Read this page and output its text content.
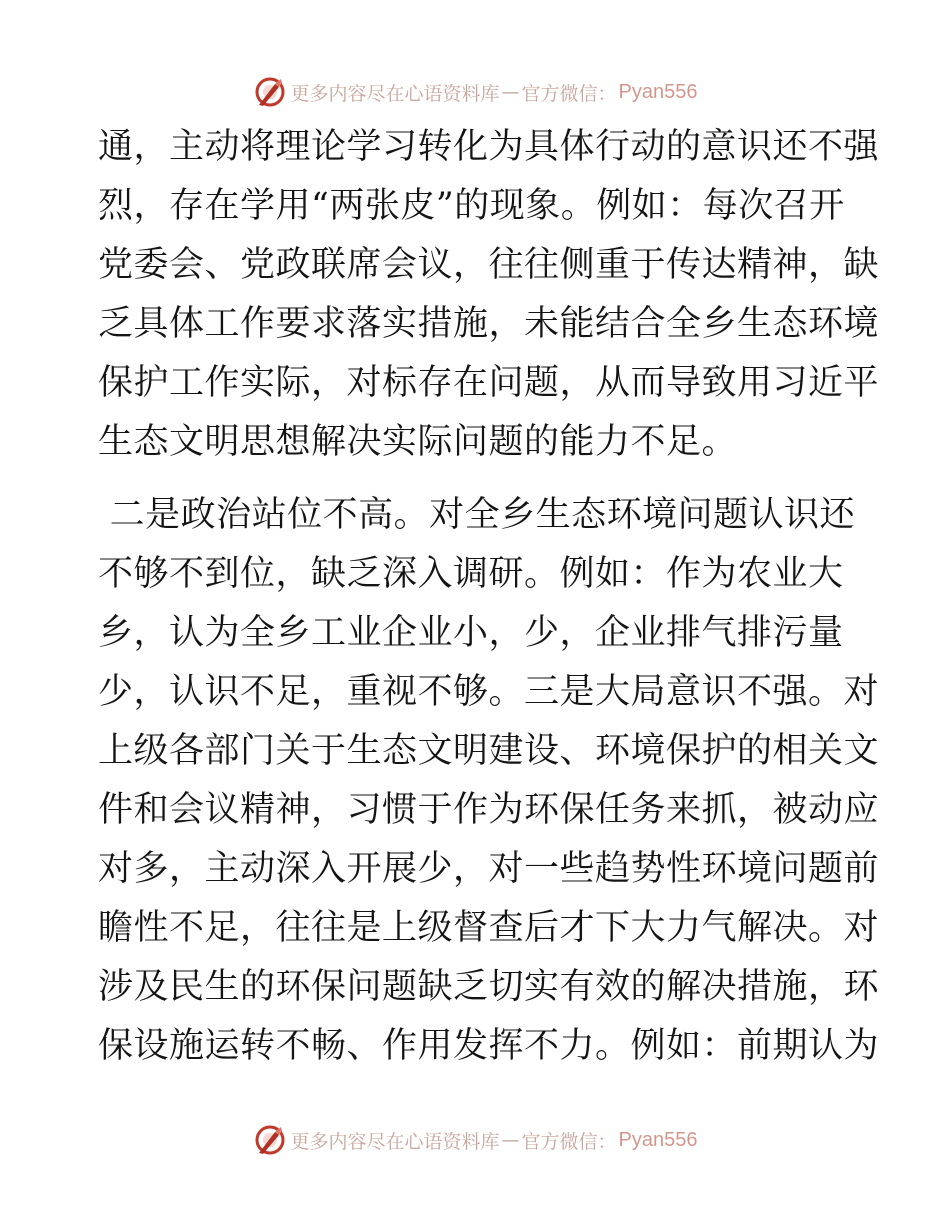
更多内容尽在心语资料库 — 官方微信： Pyan556
通，主动将理论学习转化为具体行动的意识还不强
烈，存在学用“两张皮”的现象。例如：每次召开
党委会、党政联席会议，往往侧重于传达精神，缺
乏具体工作要求落实措施，未能结合全乡生态环境
保护工作实际，对标存在问题，从而导致用习近平
生态文明思想解决实际问题的能力不足。
二是政治站位不高。对全乡生态环境问题认识还
不够不到位，缺乏深入调研。例如：作为农业大
乡，认为全乡工业企业小，少，企业排气排污量
少，认识不足，重视不够。三是大局意识不强。对
上级各部门关于生态文明建设、环境保护的相关文
件和会议精神，习惯于作为环保任务来抓，被动应
对多，主动深入开展少，对一些趋势性环境问题前
瞻性不足，往往是上级督查后才下大力气解决。对
涉及民生的环保问题缺乏切实有效的解决措施，环
保设施运转不畅、作用发挥不力。例如：前期认为
更多内容尽在心语资料库 — 官方微信： Pyan556
